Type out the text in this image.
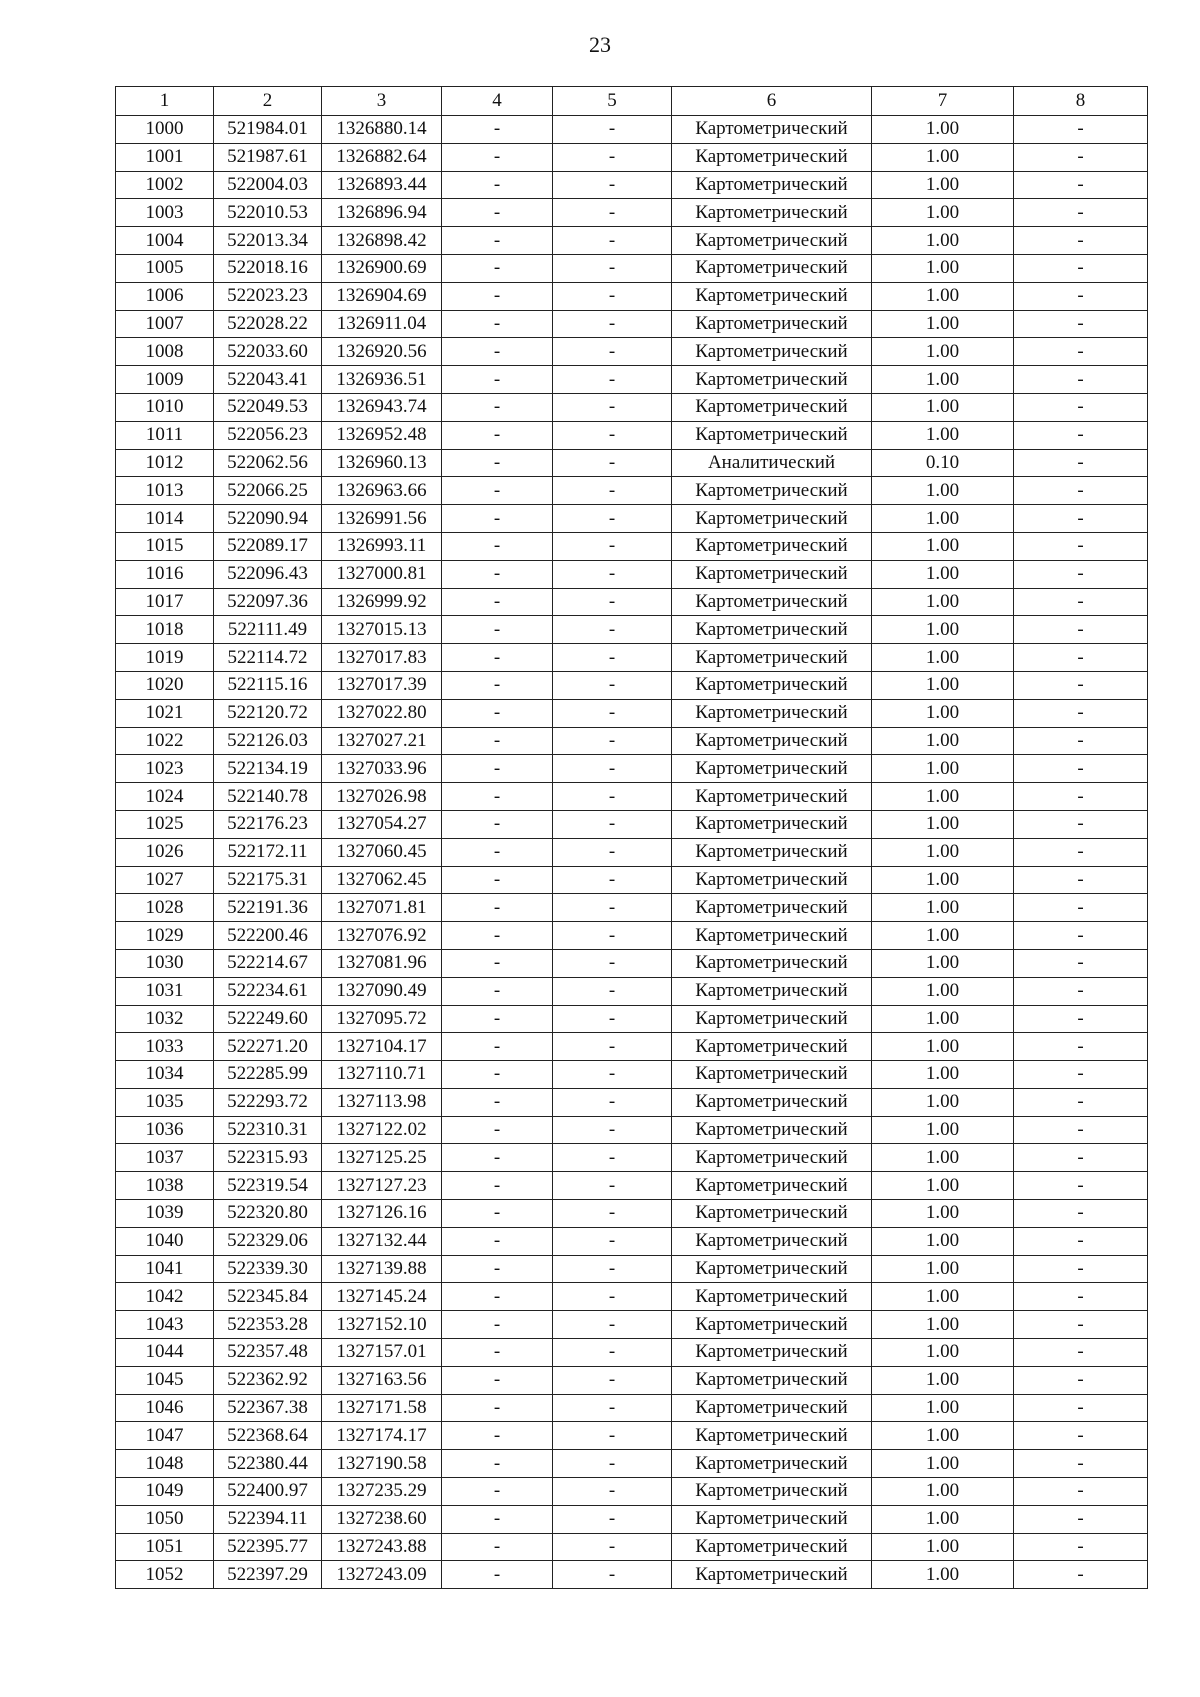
23
1	2	3	4	5	6	7	8
1000	521984.01	1326880.14	-	-	Картометрический	1.00	-
1001	521987.61	1326882.64	-	-	Картометрический	1.00	-
1002	522004.03	1326893.44	-	-	Картометрический	1.00	-
1003	522010.53	1326896.94	-	-	Картометрический	1.00	-
1004	522013.34	1326898.42	-	-	Картометрический	1.00	-
1005	522018.16	1326900.69	-	-	Картометрический	1.00	-
1006	522023.23	1326904.69	-	-	Картометрический	1.00	-
1007	522028.22	1326911.04	-	-	Картометрический	1.00	-
1008	522033.60	1326920.56	-	-	Картометрический	1.00	-
1009	522043.41	1326936.51	-	-	Картометрический	1.00	-
1010	522049.53	1326943.74	-	-	Картометрический	1.00	-
1011	522056.23	1326952.48	-	-	Картометрический	1.00	-
1012	522062.56	1326960.13	-	-	Аналитический	0.10	-
1013	522066.25	1326963.66	-	-	Картометрический	1.00	-
1014	522090.94	1326991.56	-	-	Картометрический	1.00	-
1015	522089.17	1326993.11	-	-	Картометрический	1.00	-
1016	522096.43	1327000.81	-	-	Картометрический	1.00	-
1017	522097.36	1326999.92	-	-	Картометрический	1.00	-
1018	522111.49	1327015.13	-	-	Картометрический	1.00	-
1019	522114.72	1327017.83	-	-	Картометрический	1.00	-
1020	522115.16	1327017.39	-	-	Картометрический	1.00	-
1021	522120.72	1327022.80	-	-	Картометрический	1.00	-
1022	522126.03	1327027.21	-	-	Картометрический	1.00	-
1023	522134.19	1327033.96	-	-	Картометрический	1.00	-
1024	522140.78	1327026.98	-	-	Картометрический	1.00	-
1025	522176.23	1327054.27	-	-	Картометрический	1.00	-
1026	522172.11	1327060.45	-	-	Картометрический	1.00	-
1027	522175.31	1327062.45	-	-	Картометрический	1.00	-
1028	522191.36	1327071.81	-	-	Картометрический	1.00	-
1029	522200.46	1327076.92	-	-	Картометрический	1.00	-
1030	522214.67	1327081.96	-	-	Картометрический	1.00	-
1031	522234.61	1327090.49	-	-	Картометрический	1.00	-
1032	522249.60	1327095.72	-	-	Картометрический	1.00	-
1033	522271.20	1327104.17	-	-	Картометрический	1.00	-
1034	522285.99	1327110.71	-	-	Картометрический	1.00	-
1035	522293.72	1327113.98	-	-	Картометрический	1.00	-
1036	522310.31	1327122.02	-	-	Картометрический	1.00	-
1037	522315.93	1327125.25	-	-	Картометрический	1.00	-
1038	522319.54	1327127.23	-	-	Картометрический	1.00	-
1039	522320.80	1327126.16	-	-	Картометрический	1.00	-
1040	522329.06	1327132.44	-	-	Картометрический	1.00	-
1041	522339.30	1327139.88	-	-	Картометрический	1.00	-
1042	522345.84	1327145.24	-	-	Картометрический	1.00	-
1043	522353.28	1327152.10	-	-	Картометрический	1.00	-
1044	522357.48	1327157.01	-	-	Картометрический	1.00	-
1045	522362.92	1327163.56	-	-	Картометрический	1.00	-
1046	522367.38	1327171.58	-	-	Картометрический	1.00	-
1047	522368.64	1327174.17	-	-	Картометрический	1.00	-
1048	522380.44	1327190.58	-	-	Картометрический	1.00	-
1049	522400.97	1327235.29	-	-	Картометрический	1.00	-
1050	522394.11	1327238.60	-	-	Картометрический	1.00	-
1051	522395.77	1327243.88	-	-	Картометрический	1.00	-
1052	522397.29	1327243.09	-	-	Картометрический	1.00	-
